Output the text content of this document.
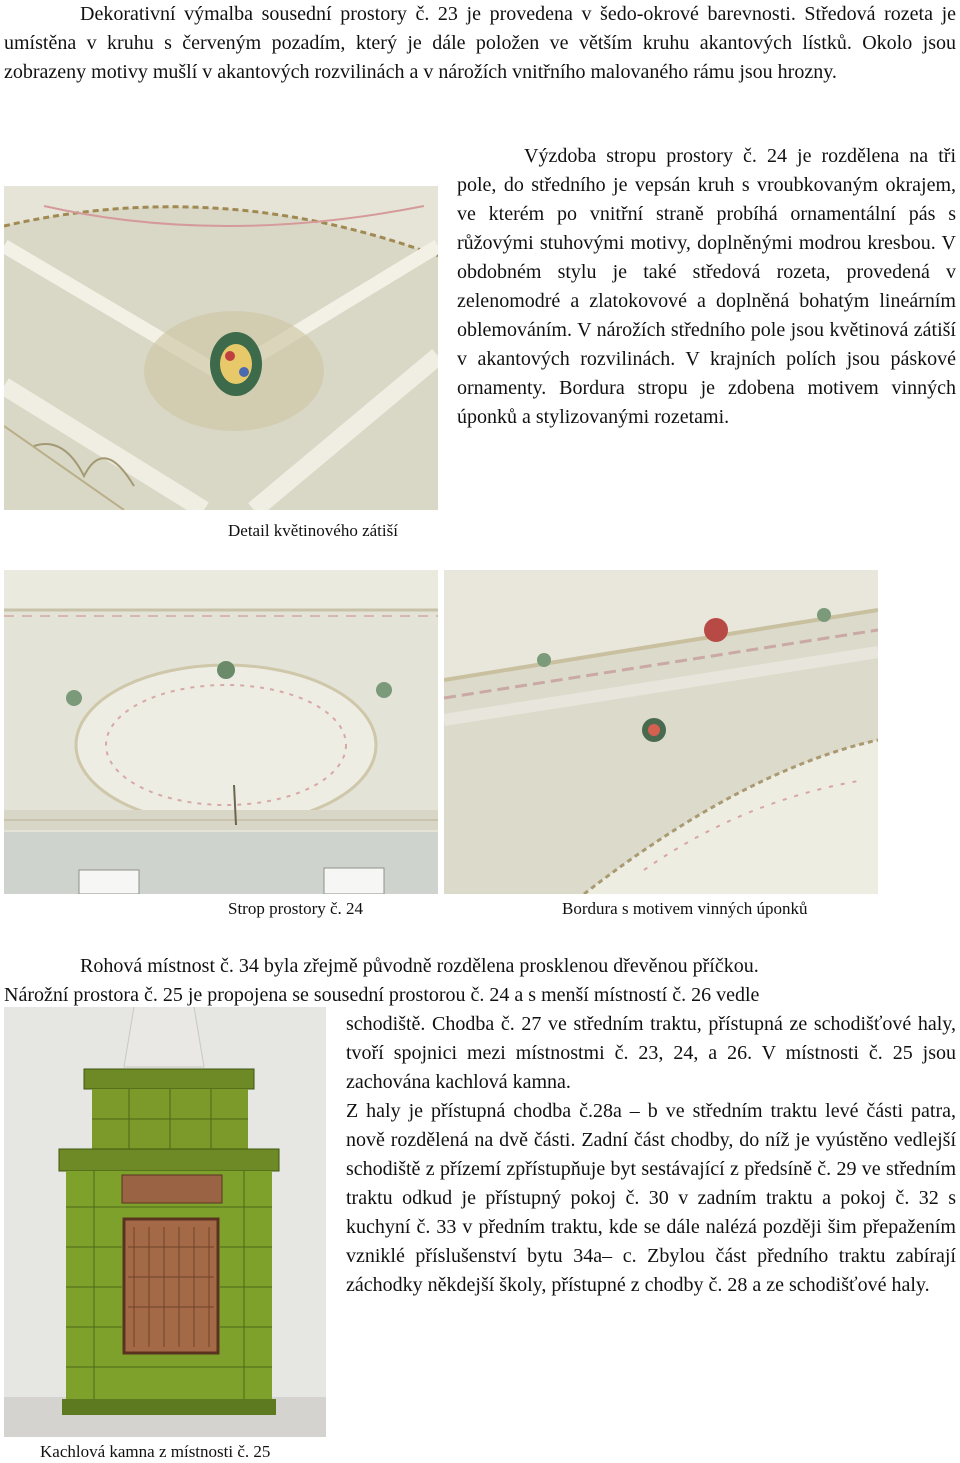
Dekorativní výmalba sousední prostory č. 23 je provedena v šedo-okrové barevnosti. Středová rozeta je umístěna v kruhu s červeným pozadím, který je dále položen ve větším kruhu akantových lístků. Okolo jsou zobrazeny motivy mušlí v akantových rozvilinách a v nárožích vnitřního malovaného rámu jsou hrozny.

Detail květinového zátiší

Výzdoba stropu prostory č. 24 je rozdělena na tři pole, do středního je vepsán kruh s vroubkovaným okrajem, ve kterém po vnitřní straně probíhá ornamentální pás s růžovými stuhovými motivy, doplněnými modrou kresbou. V obdobném stylu je také středová rozeta, provedená v zelenomodré a zlatokovové a doplněná bohatým lineárním oblemováním. V nárožích středního pole jsou květinová zátiší v akantových rozvilinách. V krajních polích jsou páskové ornamenty. Bordura stropu je zdobena motivem vinných úponků a stylizovanými rozetami.

Strop prostory č. 24	Bordura s motivem vinných úponků
Rohová místnost č. 34 byla zřejmě původně rozdělena prosklenou dřevěnou příčkou.
Nárožní prostora č. 25 je propojena se sousední prostorou č. 24 a s menší místností č. 26 vedle

schodiště. Chodba č. 27 ve středním traktu, přístupná ze schodišťové haly, tvoří spojnici mezi místnostmi č. 23, 24, a 26. V místnosti č. 25 jsou zachována kachlová kamna.

Z haly je přístupná chodba č.28a – b ve středním traktu levé části patra, nově rozdělená na dvě části. Zadní část chodby, do níž je vyústěno vedlejší schodiště z přízemí zpřístupňuje byt sestávající z předsíně č. 29 ve středním traktu odkud je přístupný pokoj č. 30 v zadním traktu a pokoj č. 32 s kuchyní č. 33 v předním traktu, kde se dále nalézá později šim přepažením vzniklé příslušenství bytu 34a– c. Zbylou část předního traktu zabírají záchodky někdejší školy, přístupné z chodby č. 28 a ze schodišťové haly.

Kachlová kamna z místnosti č. 25
